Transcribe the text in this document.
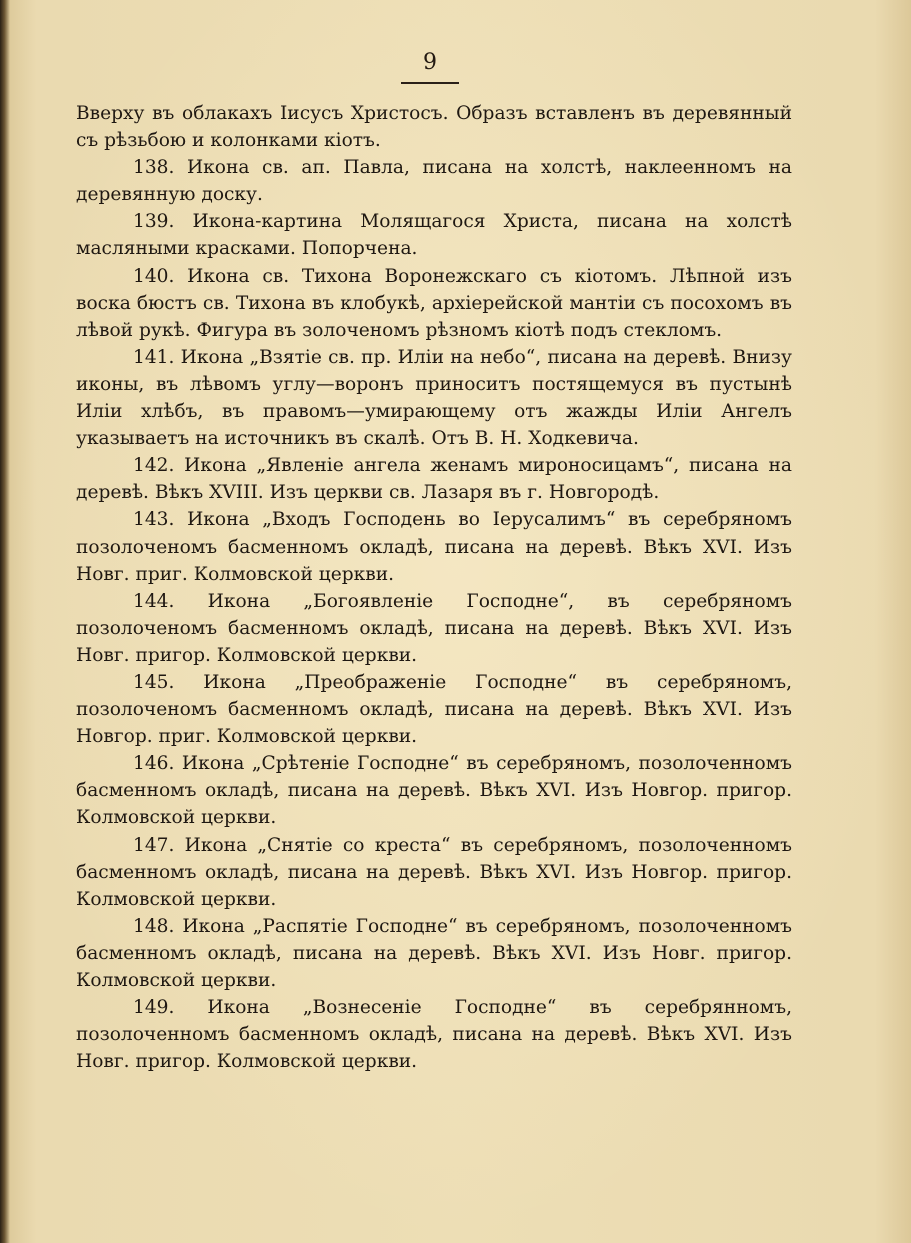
9

Вверху въ облакахъ Іисусъ Христосъ. Образъ вставленъ въ деревянный съ рѣзьбою и колонками кіотъ.

138. Икона св. ап. Павла, писана на холстѣ, наклеенномъ на деревянную доску.

139. Икона-картина Молящагося Христа, писана на холстѣ масляными красками. Попорчена.

140. Икона св. Тихона Воронежскаго съ кіотомъ. Лѣпной изъ воска бюстъ св. Тихона въ клобукѣ, архіерейской мантіи съ посохомъ въ лѣвой рукѣ. Фигура въ золоченомъ рѣзномъ кіотѣ подъ стекломъ.

141. Икона „Взятіе св. пр. Иліи на небо“, писана на деревѣ. Внизу иконы, въ лѣвомъ углу—воронъ приноситъ постящемуся въ пустынѣ Иліи хлѣбъ, въ правомъ—умирающему отъ жажды Иліи Ангелъ указываетъ на источникъ въ скалѣ. Отъ В. Н. Ходкевича.

142. Икона „Явленіе ангела женамъ мироносицамъ“, писана на деревѣ. Вѣкъ XVIII. Изъ церкви св. Лазаря въ г. Новгородѣ.

143. Икона „Входъ Господень во Іерусалимъ“ въ серебряномъ позолоченомъ басменномъ окладѣ, писана на деревѣ. Вѣкъ XVI. Изъ Новг. приг. Колмовской церкви.

144. Икона „Богоявленіе Господне“, въ серебряномъ позолоченомъ басменномъ окладѣ, писана на деревѣ. Вѣкъ XVI. Изъ Новг. пригор. Колмовской церкви.

145. Икона „Преображеніе Господне“ въ серебряномъ, позолоченомъ басменномъ окладѣ, писана на деревѣ. Вѣкъ XVI. Изъ Новгор. приг. Колмовской церкви.

146. Икона „Срѣтеніе Господне“ въ серебряномъ, позолоченномъ басменномъ окладѣ, писана на деревѣ. Вѣкъ XVI. Изъ Новгор. пригор. Колмовской церкви.

147. Икона „Снятіе со креста“ въ серебряномъ, позолоченномъ басменномъ окладѣ, писана на деревѣ. Вѣкъ XVI. Изъ Новгор. пригор. Колмовской церкви.

148. Икона „Распятіе Господне“ въ серебряномъ, позолоченномъ басменномъ окладѣ, писана на деревѣ. Вѣкъ XVI. Изъ Новг. пригор. Колмовской церкви.

149. Икона „Вознесеніе Господне“ въ серебрянномъ, позолоченномъ басменномъ окладѣ, писана на деревѣ. Вѣкъ XVI. Изъ Новг. пригор. Колмовской церкви.
